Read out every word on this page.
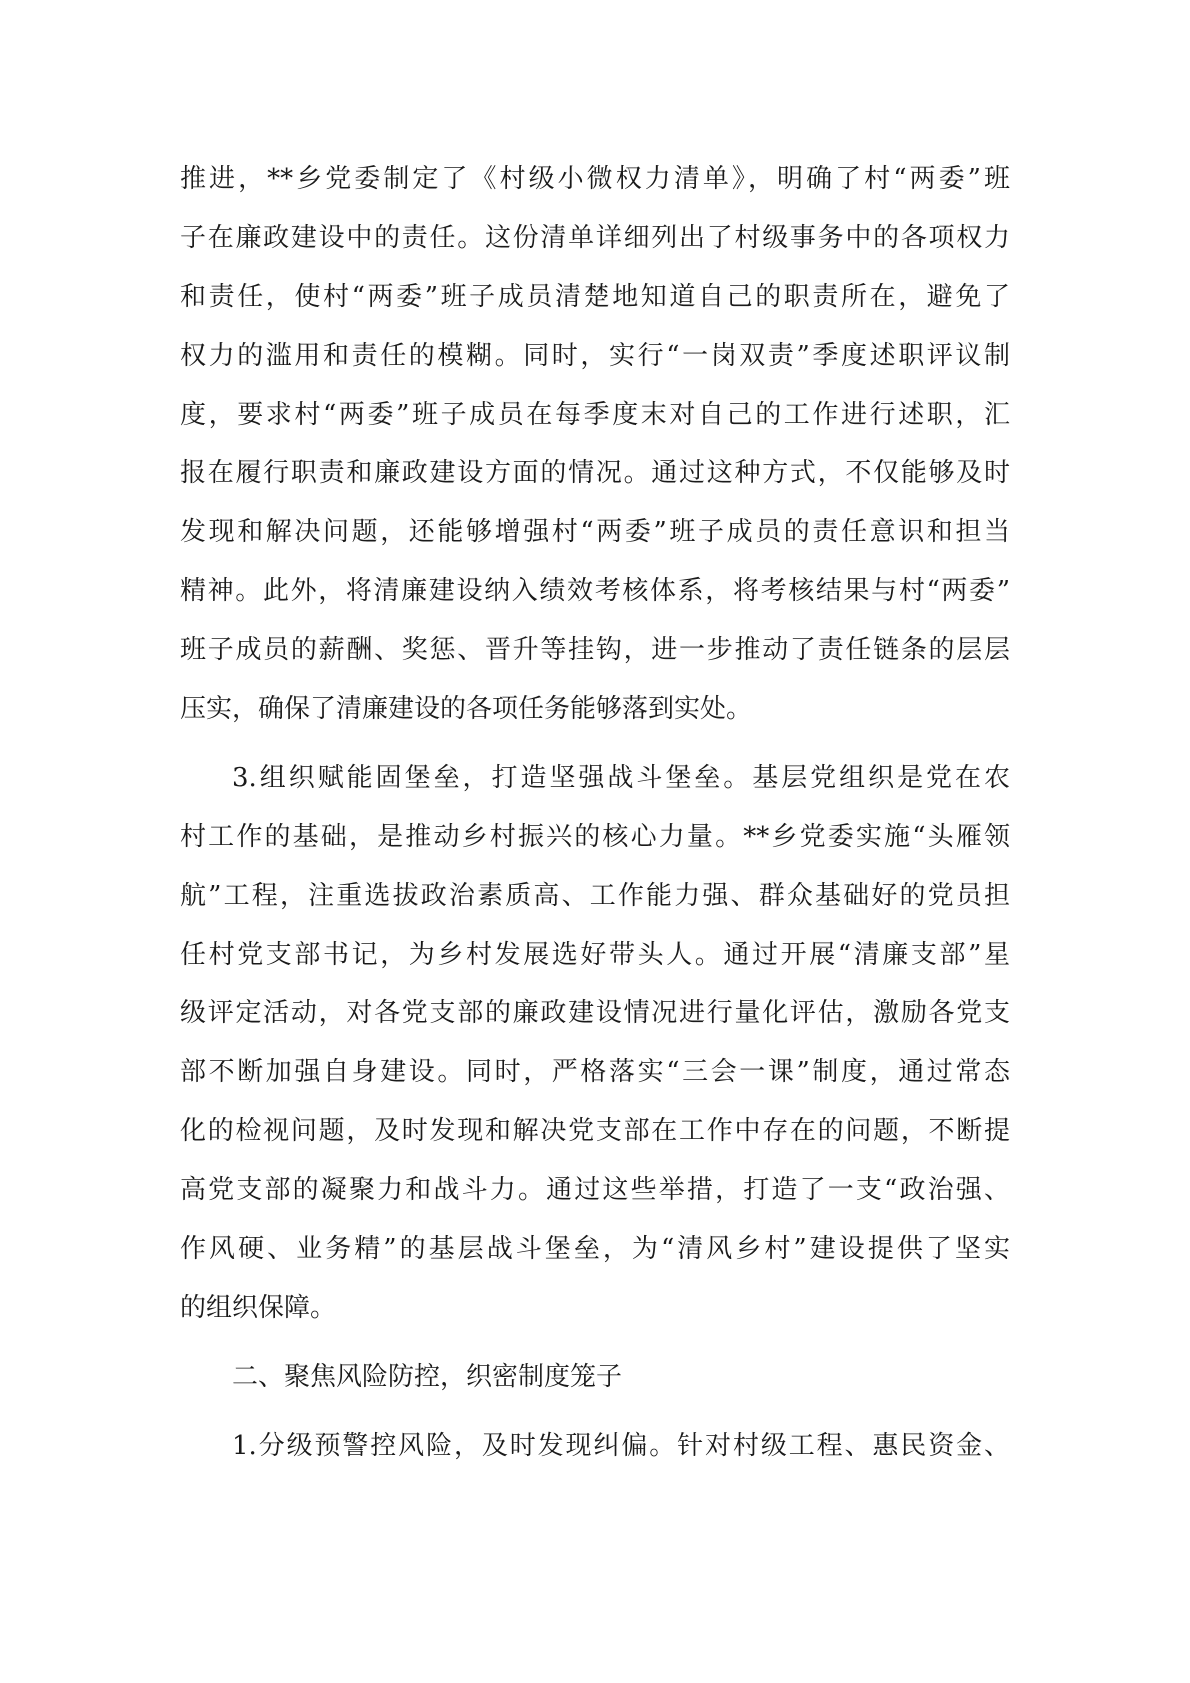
推进，**乡党委制定了《村级小微权力清单》，明确了村“两委”班
子在廉政建设中的责任。这份清单详细列出了村级事务中的各项权力
和责任，使村“两委”班子成员清楚地知道自己的职责所在，避免了
权力的滥用和责任的模糊。同时，实行“一岗双责”季度述职评议制
度，要求村“两委”班子成员在每季度末对自己的工作进行述职，汇
报在履行职责和廉政建设方面的情况。通过这种方式，不仅能够及时
发现和解决问题，还能够增强村“两委”班子成员的责任意识和担当
精神。此外，将清廉建设纳入绩效考核体系，将考核结果与村“两委”
班子成员的薪酬、奖惩、晋升等挂钩，进一步推动了责任链条的层层
压实，确保了清廉建设的各项任务能够落到实处。
3.组织赋能固堡垒，打造坚强战斗堡垒。基层党组织是党在农
村工作的基础，是推动乡村振兴的核心力量。**乡党委实施“头雁领
航”工程，注重选拔政治素质高、工作能力强、群众基础好的党员担
任村党支部书记，为乡村发展选好带头人。通过开展“清廉支部”星
级评定活动，对各党支部的廉政建设情况进行量化评估，激励各党支
部不断加强自身建设。同时，严格落实“三会一课”制度，通过常态
化的检视问题，及时发现和解决党支部在工作中存在的问题，不断提
高党支部的凝聚力和战斗力。通过这些举措，打造了一支“政治强、
作风硬、业务精”的基层战斗堡垒，为“清风乡村”建设提供了坚实
的组织保障。
二、聚焦风险防控，织密制度笼子
1.分级预警控风险，及时发现纠偏。针对村级工程、惠民资金、
